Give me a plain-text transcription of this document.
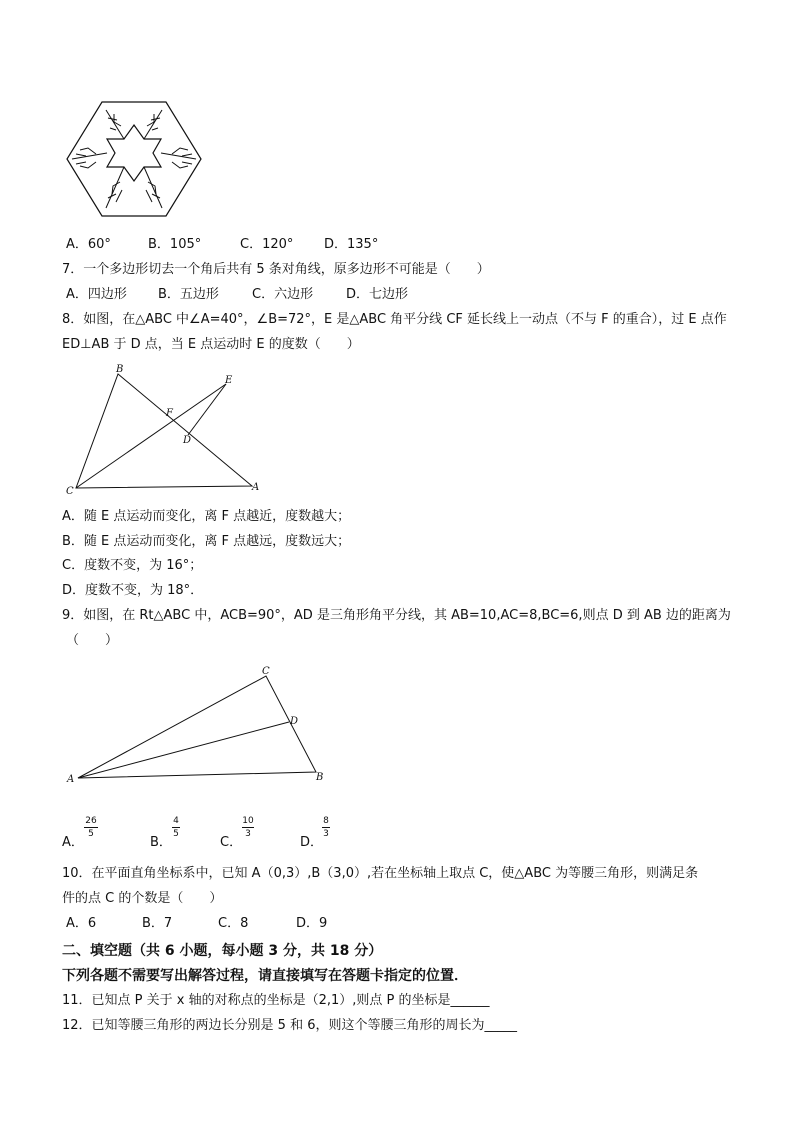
A．60°	B．105°	C．120° D．135°
7．一个多边形切去一个角后共有 5 条对角线，原多边形不可能是（　　）
A．四边形 B．五边形	C．六边形	D．七边形
8．如图，在△ABC 中∠A=40°，∠B=72°，E 是△ABC 角平分线 CF 延长线上一动点（不与 F 的重合），过 E 点作
ED⊥AB 于 D 点，当 E 点运动时 E 的度数（　　）
B
E
F
D
C	A
A．随 E 点运动而变化，离 F 点越近，度数越大；
B．随 E 点运动而变化，离 F 点越远，度数远大；
C．度数不变，为 16°；
D．度数不变，为 18°．
9．如图，在 Rt△ABC 中，ACB=90°，AD 是三角形角平分线，其 AB=10,AC=8,BC=6,则点 D 到 AB 边的距离为
（　　）
C
D
A	B
A．
26
5
B．
4
5
C．
10
3
D．
8
3
10．在平面直角坐标系中，已知 A（0,3）,B（3,0）,若在坐标轴上取点 C，使△ABC 为等腰三角形，则满足条
件的点 C 的个数是（　　）
A．6	B．7	C．8	D．9
二、填空题（共 6 小题，每小题 3 分，共 18 分）
下列各题不需要写出解答过程，请直接填写在答题卡指定的位置．
11．已知点 P 关于 x 轴的对称点的坐标是（2,1）,则点 P 的坐标是______
12．已知等腰三角形的两边长分别是 5 和 6，则这个等腰三角形的周长为_____
